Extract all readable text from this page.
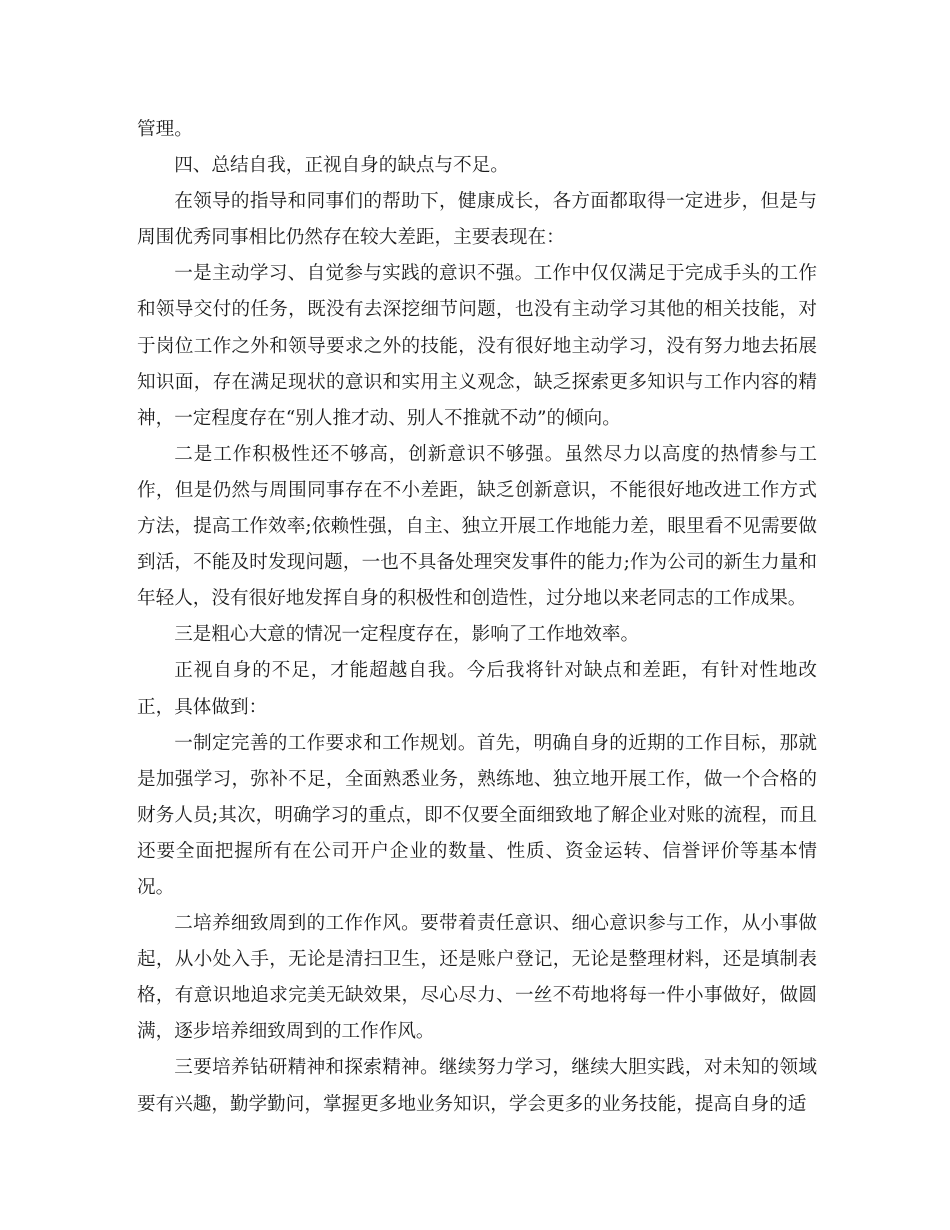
管理。

四、总结自我，正视自身的缺点与不足。

在领导的指导和同事们的帮助下，健康成长，各方面都取得一定进步，但是与周围优秀同事相比仍然存在较大差距，主要表现在：

一是主动学习、自觉参与实践的意识不强。工作中仅仅满足于完成手头的工作和领导交付的任务，既没有去深挖细节问题，也没有主动学习其他的相关技能，对于岗位工作之外和领导要求之外的技能，没有很好地主动学习，没有努力地去拓展知识面，存在满足现状的意识和实用主义观念，缺乏探索更多知识与工作内容的精神，一定程度存在“别人推才动、别人不推就不动”的倾向。

二是工作积极性还不够高，创新意识不够强。虽然尽力以高度的热情参与工作，但是仍然与周围同事存在不小差距，缺乏创新意识，不能很好地改进工作方式方法，提高工作效率;依赖性强，自主、独立开展工作地能力差，眼里看不见需要做到活，不能及时发现问题，一也不具备处理突发事件的能力;作为公司的新生力量和年轻人，没有很好地发挥自身的积极性和创造性，过分地以来老同志的工作成果。

三是粗心大意的情况一定程度存在，影响了工作地效率。

正视自身的不足，才能超越自我。今后我将针对缺点和差距，有针对性地改正，具体做到：

一制定完善的工作要求和工作规划。首先，明确自身的近期的工作目标，那就是加强学习，弥补不足，全面熟悉业务，熟练地、独立地开展工作，做一个合格的财务人员;其次，明确学习的重点，即不仅要全面细致地了解企业对账的流程，而且还要全面把握所有在公司开户企业的数量、性质、资金运转、信誉评价等基本情况。

二培养细致周到的工作作风。要带着责任意识、细心意识参与工作，从小事做起，从小处入手，无论是清扫卫生，还是账户登记，无论是整理材料，还是填制表格，有意识地追求完美无缺效果，尽心尽力、一丝不苟地将每一件小事做好，做圆满，逐步培养细致周到的工作作风。

三要培养钻研精神和探索精神。继续努力学习，继续大胆实践，对未知的领域要有兴趣，勤学勤问，掌握更多地业务知识，学会更多的业务技能，提高自身的适
